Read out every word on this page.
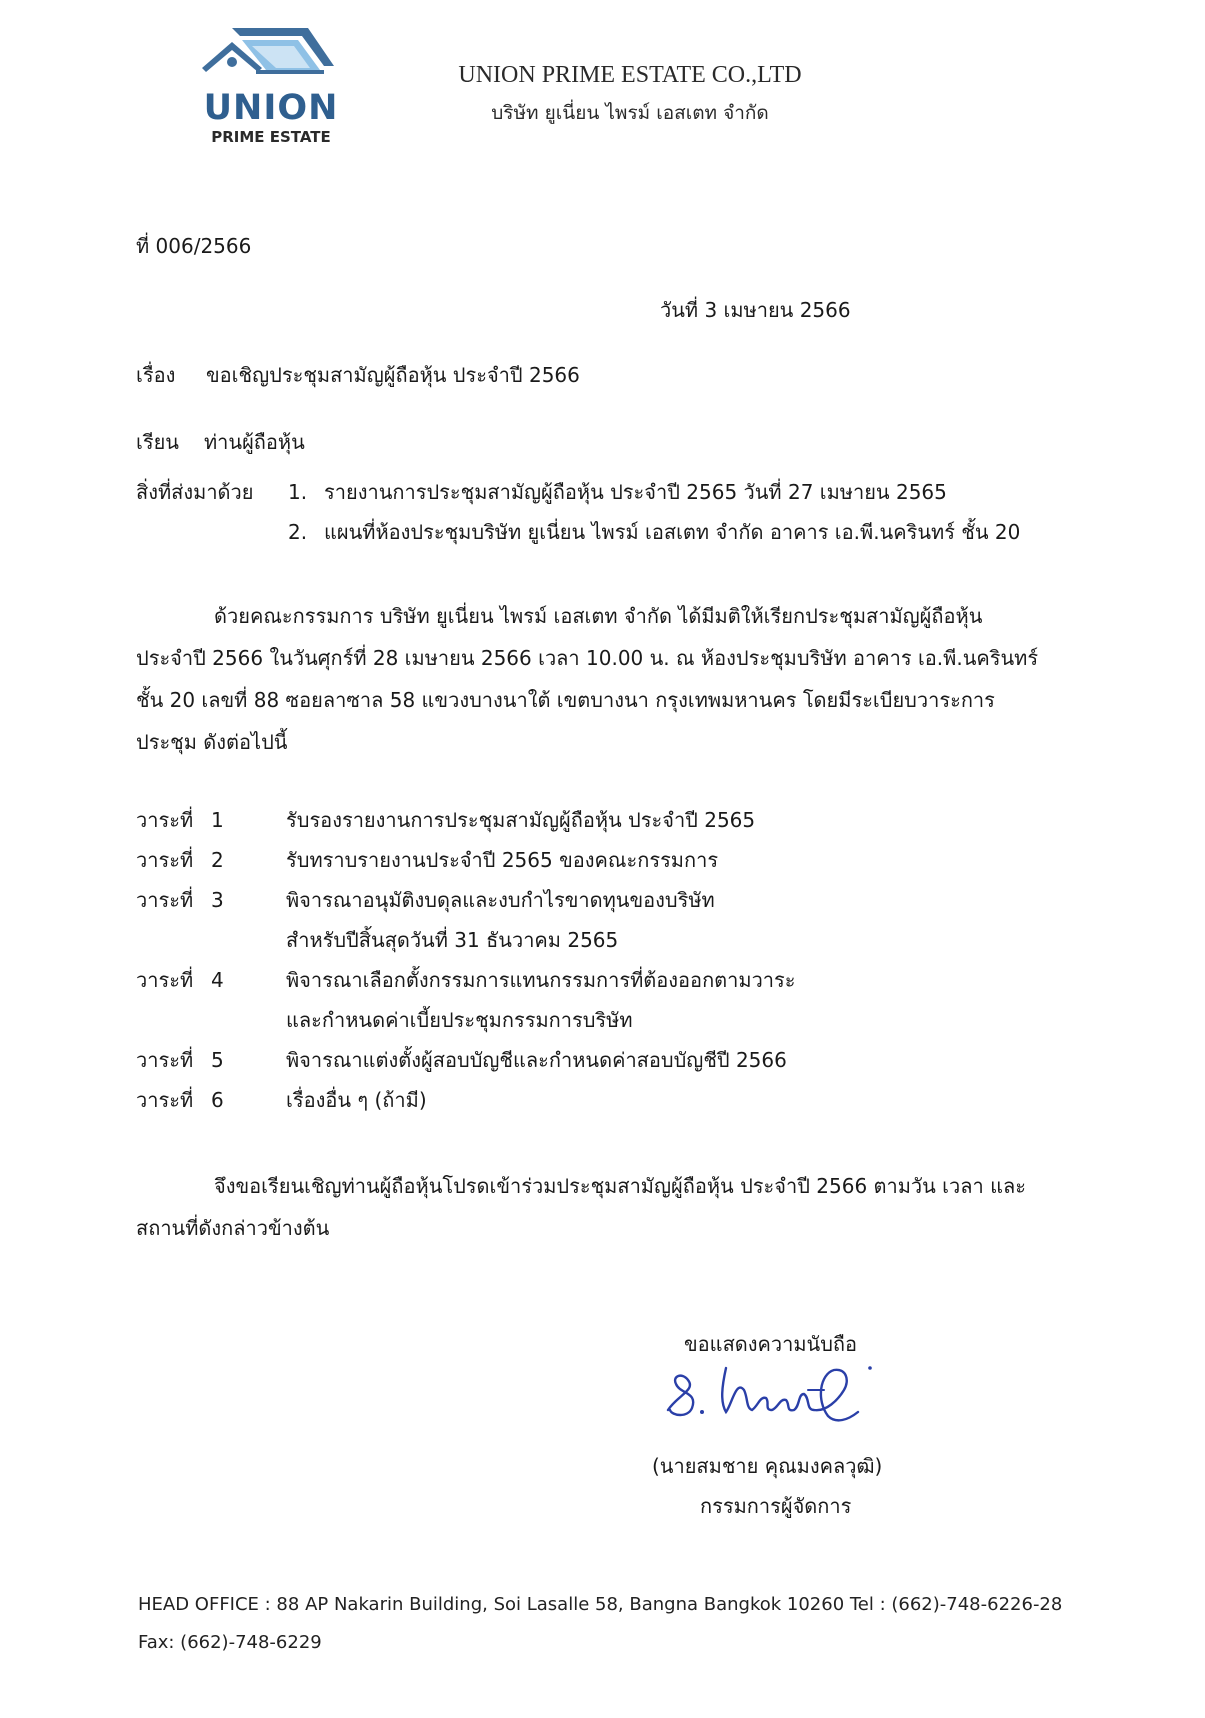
UNION
PRIME ESTATE
UNION PRIME ESTATE CO.,LTD
บริษัท ยูเนี่ยน ไพรม์ เอสเตท จำกัด
ที่ 006/2566
วันที่ 3 เมษายน 2566
เรื่อง ขอเชิญประชุมสามัญผู้ถือหุ้น ประจำปี 2566
เรียน ท่านผู้ถือหุ้น
สิ่งที่ส่งมาด้วย 1. รายงานการประชุมสามัญผู้ถือหุ้น ประจำปี 2565 วันที่ 27 เมษายน 2565
2. แผนที่ห้องประชุมบริษัท ยูเนี่ยน ไพรม์ เอสเตท จำกัด อาคาร เอ.พี.นครินทร์ ชั้น 20
ด้วยคณะกรรมการ บริษัท ยูเนี่ยน ไพรม์ เอสเตท จำกัด ได้มีมติให้เรียกประชุมสามัญผู้ถือหุ้น
ประจำปี 2566 ในวันศุกร์ที่ 28 เมษายน 2566 เวลา 10.00 น. ณ ห้องประชุมบริษัท อาคาร เอ.พี.นครินทร์
ชั้น 20 เลขที่ 88 ซอยลาซาล 58 แขวงบางนาใต้ เขตบางนา กรุงเทพมหานคร โดยมีระเบียบวาระการ
ประชุม ดังต่อไปนี้
วาระที่ 1	รับรองรายงานการประชุมสามัญผู้ถือหุ้น ประจำปี 2565
วาระที่ 2	รับทราบรายงานประจำปี 2565 ของคณะกรรมการ
วาระที่ 3	พิจารณาอนุมัติงบดุลและงบกำไรขาดทุนของบริษัท
สำหรับปีสิ้นสุดวันที่ 31 ธันวาคม 2565
วาระที่ 4	พิจารณาเลือกตั้งกรรมการแทนกรรมการที่ต้องออกตามวาระ
และกำหนดค่าเบี้ยประชุมกรรมการบริษัท
วาระที่ 5	พิจารณาแต่งตั้งผู้สอบบัญชีและกำหนดค่าสอบบัญชีปี 2566
วาระที่ 6	เรื่องอื่น ๆ (ถ้ามี)
จึงขอเรียนเชิญท่านผู้ถือหุ้นโปรดเข้าร่วมประชุมสามัญผู้ถือหุ้น ประจำปี 2566 ตามวัน เวลา และ
สถานที่ดังกล่าวข้างต้น
ขอแสดงความนับถือ
(นายสมชาย คุณมงคลวุฒิ)
กรรมการผู้จัดการ
HEAD OFFICE : 88 AP Nakarin Building, Soi Lasalle 58, Bangna Bangkok 10260 Tel : (662)-748-6226-28
Fax: (662)-748-6229
